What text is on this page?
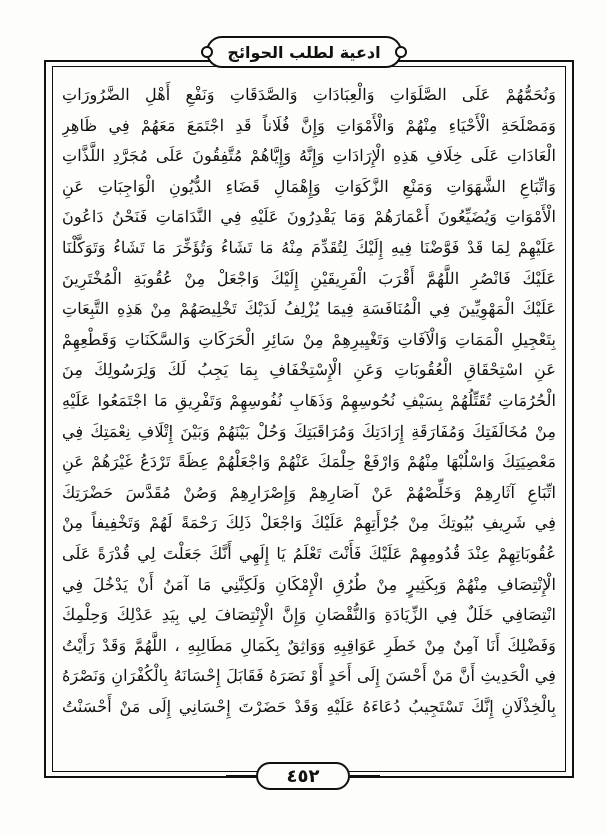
ادعية لطلب الحوائج
وَنُحَمُّهُمْ عَلَى الصَّلَوَاتِ وَالْعِبَادَاتِ وَالصَّدَقَاتِ وَنَفْعِ أَهْلِ الضَّرُورَاتِ
وَمَصْلَحَةِ الْأَحْيَاءِ مِنْهُمْ وَالْأَمْوَاتِ وَإِنَّ فُلَاناً قَدِ اجْتَمَعَ مَعَهُمْ فِي ظَاهِرِ
الْعَادَاتِ عَلَى خِلَافِ هَذِهِ الْإِرَادَاتِ وَإِنَّهُ وَإِيَّاهُمْ مُتَّفِقُونَ عَلَى مُجَرَّدِ اللَّذَّاتِ
وَاتِّبَاعِ الشَّهَوَاتِ وَمَنْعِ الزَّكَوَاتِ وَإِهْمَالِ قَضَاءِ الدُّيُونِ الْوَاجِبَاتِ عَنِ
الْأَمْوَاتِ وَيُضَيِّعُونَ أَعْمَارَهُمْ وَمَا يَقْدِرُونَ عَلَيْهِ فِي النَّدَامَاتِ فَنَحْنُ دَاعُونَ
عَلَيْهِمْ لِمَا قَدْ فَوَّضْنَا فِيهِ إِلَيْكَ لِتُقَدِّمَ مِنْهُ مَا تَشَاءُ وَتُؤَخِّرَ مَا تَشَاءُ وَتَوَكَّلْنَا
عَلَيْكَ فَانْصُرِ اللَّهُمَّ أَقْرَبَ الْفَرِيقَيْنِ إِلَيْكَ وَاجْعَلْ مِنْ عُقُوبَةِ الْمُخْتَرِينَ
عَلَيْكَ الْمَهْوِيِّينَ فِي الْمُنَافَسَةِ فِيمَا يُزْلِفُ لَدَيْكَ تَخْلِيصَهُمْ مِنْ هَذِهِ التَّبِعَاتِ
بِتَعْجِيلِ الْمَمَاتِ وَالْآفَاتِ وَتَغْيِيرِهِمْ مِنْ سَائِرِ الْحَرَكَاتِ وَالسَّكَنَاتِ وَقَطْعِهِمْ
عَنِ اسْتِحْقَاقِ الْعُقُوبَاتِ وَعَنِ الْإِسْتِخْفَافِ بِمَا يَجِبُ لَكَ وَلِرَسُولِكَ مِنَ
الْحُرُمَاتِ تُقَتِّلُهُمْ بِسَيْفِ نُحُوسِهِمْ وَذَهَابِ نُفُوسِهِمْ وَتَفْرِيقِ مَا اجْتَمَعُوا عَلَيْهِ
مِنْ مُخَالَفَتِكَ وَمُفَارَقَةِ إِرَادَتِكَ وَمُرَاقَبَتِكَ وَحُلْ بَيْنَهُمْ وَبَيْنَ إِتْلَافِ نِعْمَتِكَ فِي
مَعْصِيَتِكَ وَاسْلُبْهَا مِنْهُمْ وَارْفَعْ حِلْمَكَ عَنْهُمْ وَاجْعَلْهُمْ عِظَةً تَرْدَعُ غَيْرَهُمْ عَنِ
اتِّبَاعِ آثَارِهِمْ وَخَلِّصْهُمْ عَنْ آصَارِهِمْ وَإِصْرَارِهِمْ وَصُنْ مُقَدَّسَ حَضْرَتِكَ
فِي شَرِيفِ بُيُوتِكَ مِنْ جُرْأَتِهِمْ عَلَيْكَ وَاجْعَلْ ذَلِكَ رَحْمَةً لَهُمْ وَتَخْفِيفاً مِنْ
عُقُوبَاتِهِمْ عِنْدَ قُدُومِهِمْ عَلَيْكَ فَأَنْتَ تَعْلَمُ يَا إِلَهِي أَنَّكَ جَعَلْتَ لِي قُدْرَةً عَلَى
الْإِنْتِصَافِ مِنْهُمْ وَبِكَثِيرٍ مِنْ طُرُقِ الْإِمْكَانِ وَلَكِنَّنِي مَا آمَنُ أَنْ يَدْخُلَ فِي
انْتِصَافِي خَلَلٌ فِي الزِّيَادَةِ وَالنُّقْصَانِ وَإِنَّ الْإِنْتِصَافَ لِي بِيَدِ عَدْلِكَ وَحِلْمِكَ
وَفَضْلِكَ أَنَا آمِنٌ مِنْ خَطَرِ عَوَاقِبِهِ وَوَاثِقٌ بِكَمَالِ مَطَالِبِهِ ، اللَّهُمَّ وَقَدْ رَأَيْتُ
فِي الْحَدِيثِ أَنَّ مَنْ أَحْسَنَ إِلَى أَحَدٍ أَوْ نَصَرَهُ فَقَابَلَ إِحْسَانَهُ بِالْكُفْرَانِ وَنَصْرَهُ
بِالْخِذْلَانِ إِنَّكَ تَسْتَجِيبُ دُعَاءَهُ عَلَيْهِ وَقَدْ حَضَرْتَ إِحْسَانِي إِلَى مَنْ أَحْسَنْتُ
٤٥٢
